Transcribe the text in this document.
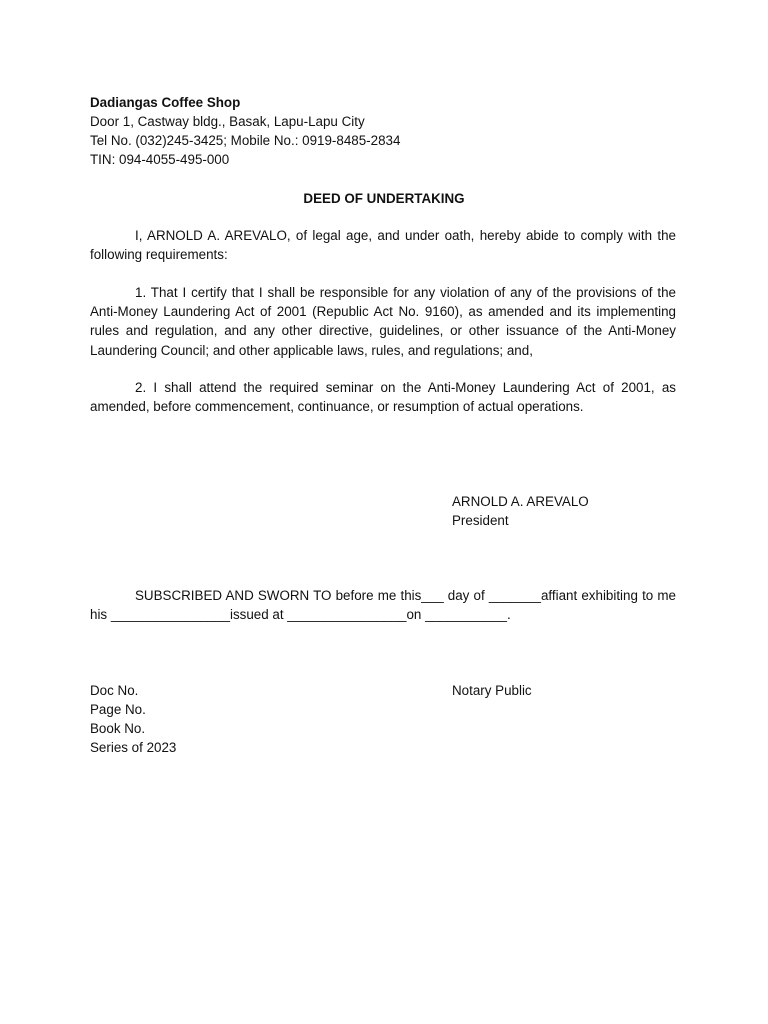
Dadiangas Coffee Shop
Door 1, Castway bldg., Basak, Lapu-Lapu City
Tel No. (032)245-3425; Mobile No.: 0919-8485-2834
TIN: 094-4055-495-000
DEED OF UNDERTAKING
I, ARNOLD A. AREVALO, of legal age, and under oath, hereby abide to comply with the following requirements:
1. That I certify that I shall be responsible for any violation of any of the provisions of the Anti-Money Laundering Act of 2001 (Republic Act No. 9160), as amended and its implementing rules and regulation, and any other directive, guidelines, or other issuance of the Anti-Money Laundering Council; and other applicable laws, rules, and regulations; and,
2. I shall attend the required seminar on the Anti-Money Laundering Act of 2001, as amended, before commencement, continuance, or resumption of actual operations.
ARNOLD A. AREVALO
President
SUBSCRIBED AND SWORN TO before me this___ day of _______affiant exhibiting to me his ________________issued at ________________on ___________.
Doc No.
Page No.
Book No.
Series of 2023
Notary Public
